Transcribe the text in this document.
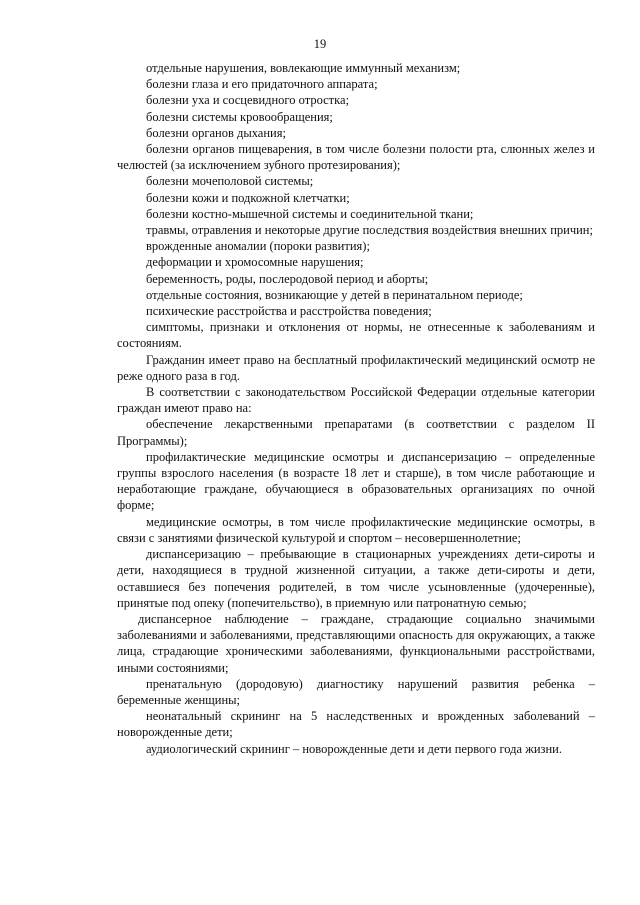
19

отдельные нарушения, вовлекающие иммунный механизм;

болезни глаза и его придаточного аппарата;

болезни уха и сосцевидного отростка;

болезни системы кровообращения;

болезни органов дыхания;

болезни органов пищеварения, в том числе болезни полости рта, слюнных желез и челюстей (за исключением зубного протезирования);

болезни мочеполовой системы;

болезни кожи и подкожной клетчатки;

болезни костно-мышечной системы и соединительной ткани;

травмы, отравления и некоторые другие последствия воздействия внешних причин;

врожденные аномалии (пороки развития);

деформации и хромосомные нарушения;

беременность, роды, послеродовой период и аборты;

отдельные состояния, возникающие у детей в перинатальном периоде;

психические расстройства и расстройства поведения;

симптомы, признаки и отклонения от нормы, не отнесенные к заболеваниям и состояниям.

Гражданин имеет право на бесплатный профилактический медицинский осмотр не реже одного раза в год.

В соответствии с законодательством Российской Федерации отдельные категории граждан имеют право на:

обеспечение лекарственными препаратами (в соответствии с разделом II Программы);

профилактические медицинские осмотры и диспансеризацию – определенные группы взрослого населения (в возрасте 18 лет и старше), в том числе работающие и неработающие граждане, обучающиеся в образовательных организациях по очной форме;

медицинские осмотры, в том числе профилактические медицинские осмотры, в связи с занятиями физической культурой и спортом – несовершеннолетние;

диспансеризацию – пребывающие в стационарных учреждениях дети-сироты и дети, находящиеся в трудной жизненной ситуации, а также дети-сироты и дети, оставшиеся без попечения родителей, в том числе усыновленные (удочеренные), принятые под опеку (попечительство), в приемную или патронатную семью;

диспансерное наблюдение – граждане, страдающие социально значимыми заболеваниями и заболеваниями, представляющими опасность для окружающих, а также лица, страдающие хроническими заболеваниями, функциональными расстройствами, иными состояниями;

пренатальную (дородовую) диагностику нарушений развития ребенка – беременные женщины;

неонатальный скрининг на 5 наследственных и врожденных заболеваний – новорожденные дети;

аудиологический скрининг – новорожденные дети и дети первого года жизни.
